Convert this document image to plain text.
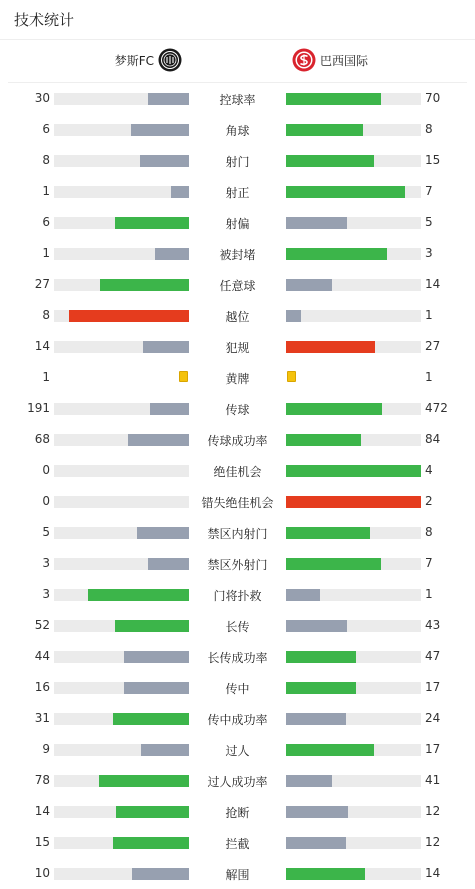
技术统计
梦斯FC	巴西国际
30	控球率	70
6	角球	8
8	射门	15
1	射正	7
6	射偏	5
1	被封堵	3
27	任意球	14
8	越位	1
14	犯规	27
1	黄牌	1
191	传球	472
68	传球成功率	84
0	绝佳机会	4
0	错失绝佳机会	2
5	禁区内射门	8
3	禁区外射门	7
3	门将扑救	1
52	长传	43
44	长传成功率	47
16	传中	17
31	传中成功率	24
9	过人	17
78	过人成功率	41
14	抢断	12
15	拦截	12
10	解围	14
